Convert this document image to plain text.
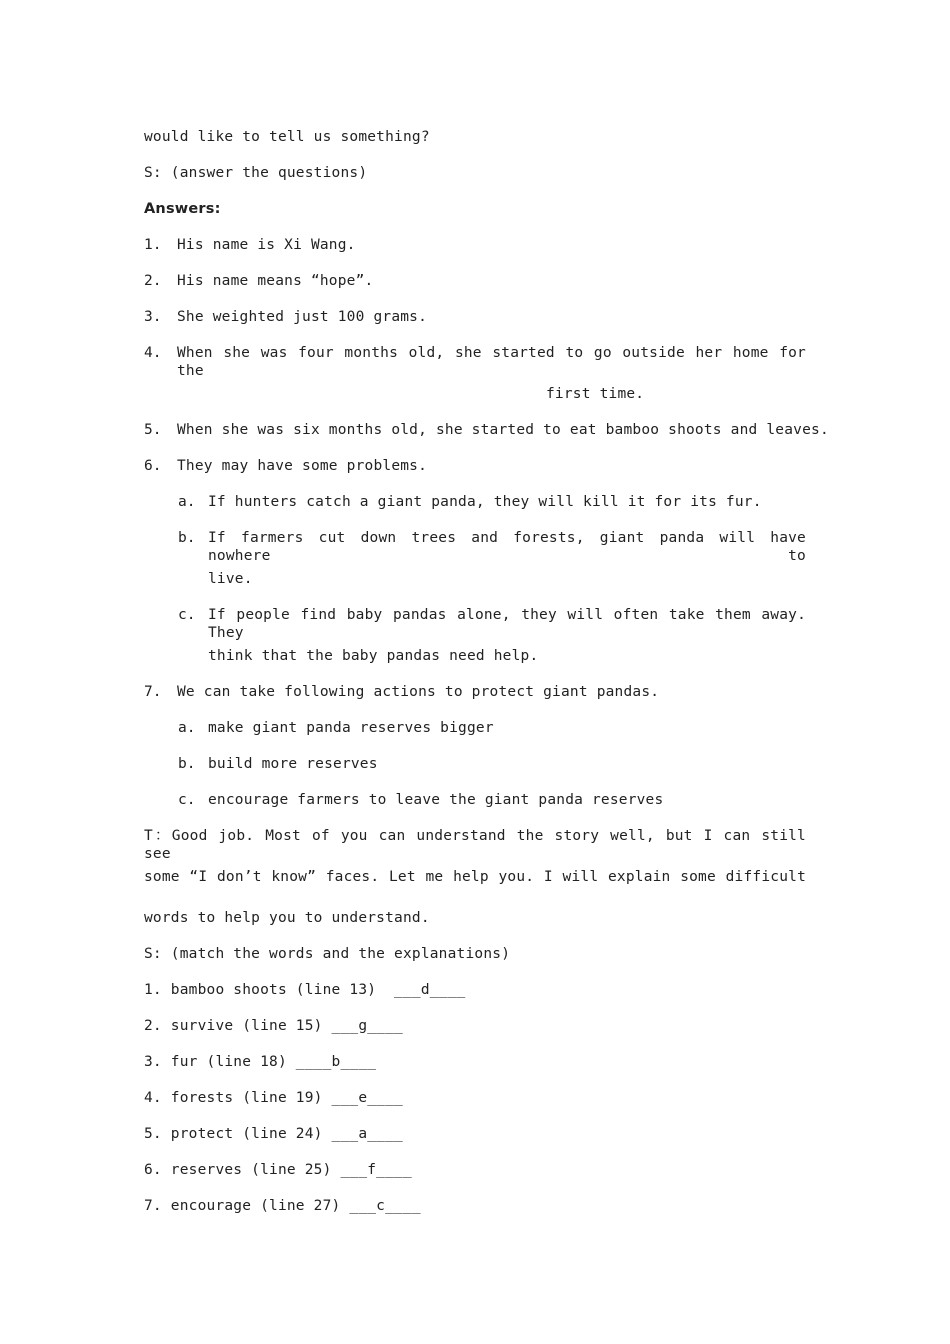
would like to tell us something?
S: (answer the questions)
Answers:
1. His name is Xi Wang.
2. His name means “hope”.
3. She weighted just 100 grams.
4. When she was four months old, she started to go outside her home for the
first time.
5. When she was six months old, she started to eat bamboo shoots and leaves.
6. They may have some problems.
a. If hunters catch a giant panda, they will kill it for its fur.
b. If farmers cut down trees and forests, giant panda will have nowhere to
live.
c. If people find baby pandas alone, they will often take them away. They
think that the baby pandas need help.
7. We can take following actions to protect giant pandas.
a. make giant panda reserves bigger
b. build more reserves
c. encourage farmers to leave the giant panda reserves
T：Good job. Most of you can understand the story well, but I can still see
some “I don’t know” faces. Let me help you. I will explain some difficult
words to help you to understand.
S: (match the words and the explanations)
1. bamboo shoots (line 13)  ___d____
2. survive (line 15) ___g____
3. fur (line 18) ____b____
4. forests (line 19) ___e____
5. protect (line 24) ___a____
6. reserves (line 25) ___f____
7. encourage (line 27) ___c____
